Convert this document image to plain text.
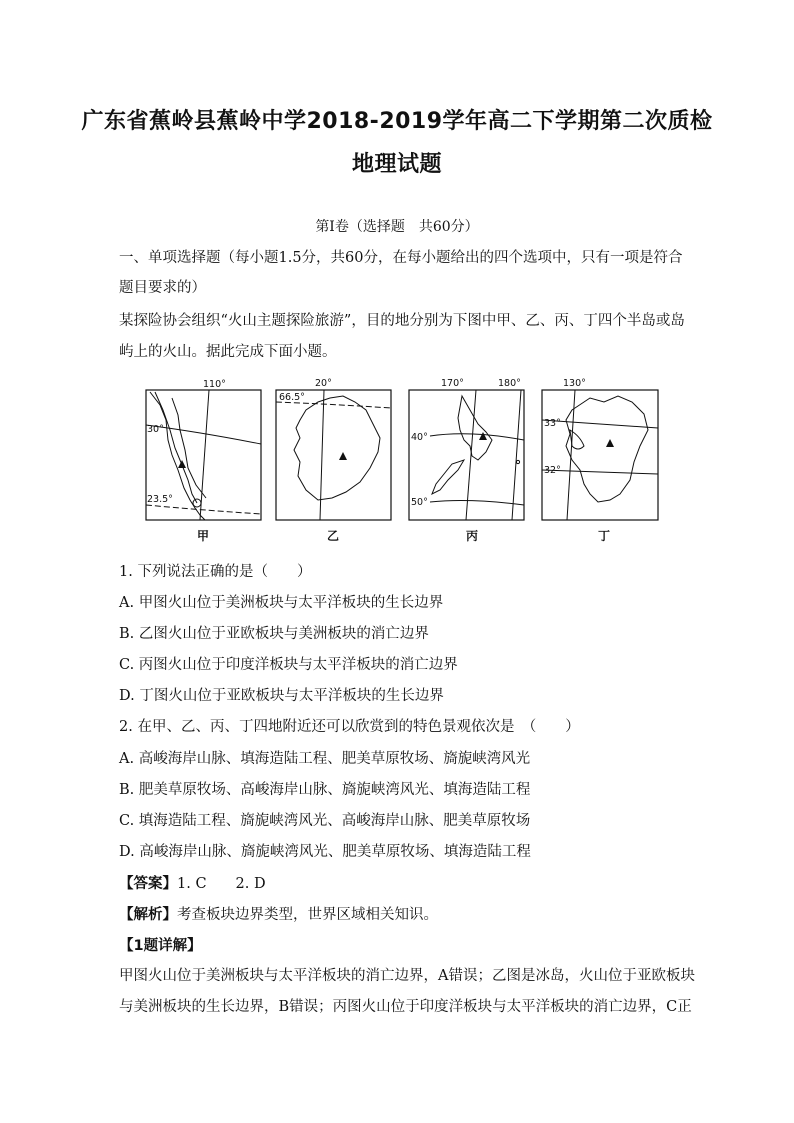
广东省蕉岭县蕉岭中学2018-2019学年高二下学期第二次质检
地理试题
第Ⅰ卷（选择题　共60分）
一、单项选择题（每小题1.5分，共60分，在每小题给出的四个选项中，只有一项是符合
题目要求的）
某探险协会组织“火山主题探险旅游”，目的地分别为下图中甲、乙、丙、丁四个半岛或岛
屿上的火山。据此完成下面小题。
110°
30°
23.5°
甲
20°
66.5°
乙
170°	180°
40°
50°
丙
130°
33°
32°
丁
1. 下列说法正确的是（　　）
A. 甲图火山位于美洲板块与太平洋板块的生长边界
B. 乙图火山位于亚欧板块与美洲板块的消亡边界
C. 丙图火山位于印度洋板块与太平洋板块的消亡边界
D. 丁图火山位于亚欧板块与太平洋板块的生长边界
2. 在甲、乙、丙、丁四地附近还可以欣赏到的特色景观依次是　（　　）
A. 高峻海岸山脉、填海造陆工程、肥美草原牧场、旖旎峡湾风光
B. 肥美草原牧场、高峻海岸山脉、旖旎峡湾风光、填海造陆工程
C. 填海造陆工程、旖旎峡湾风光、高峻海岸山脉、肥美草原牧场
D. 高峻海岸山脉、旖旎峡湾风光、肥美草原牧场、填海造陆工程
【答案】1. C　　2. D
【解析】考查板块边界类型，世界区域相关知识。
【1题详解】
甲图火山位于美洲板块与太平洋板块的消亡边界，A错误；乙图是冰岛，火山位于亚欧板块
与美洲板块的生长边界，B错误；丙图火山位于印度洋板块与太平洋板块的消亡边界，C正
